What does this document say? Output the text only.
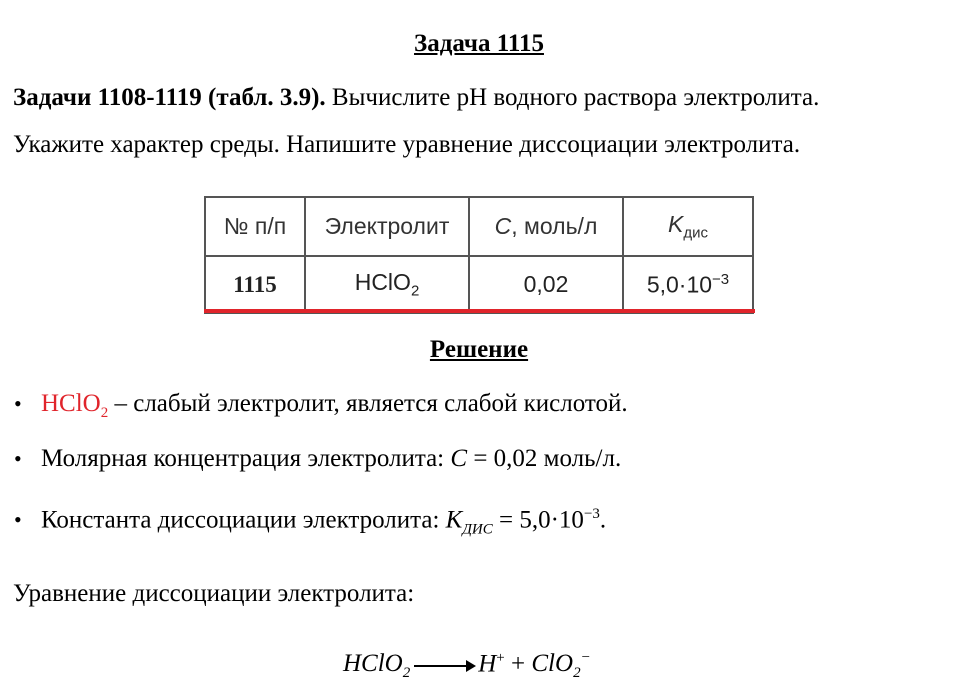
Задача 1115
Задачи 1108-1119 (табл. 3.9). Вычислите pH водного раствора электролита.
Укажите характер среды. Напишите уравнение диссоциации электролита.
№ п/п	Электролит	C, моль/л	$K_{дис}$
1115	HClO$_2$	0,02	$5,0\cdot 10^{-3}$
Решение
• HClO$_2$ – слабый электролит, является слабой кислотой.
• Молярная концентрация электролита: C = 0,02 моль/л.
• Константа диссоциации электролита: $K_{ДИС} = 5,0\cdot 10^{-3}$.
Уравнение диссоциации электролита:
HClO$_2$ → H+ + ClO$_2$−
